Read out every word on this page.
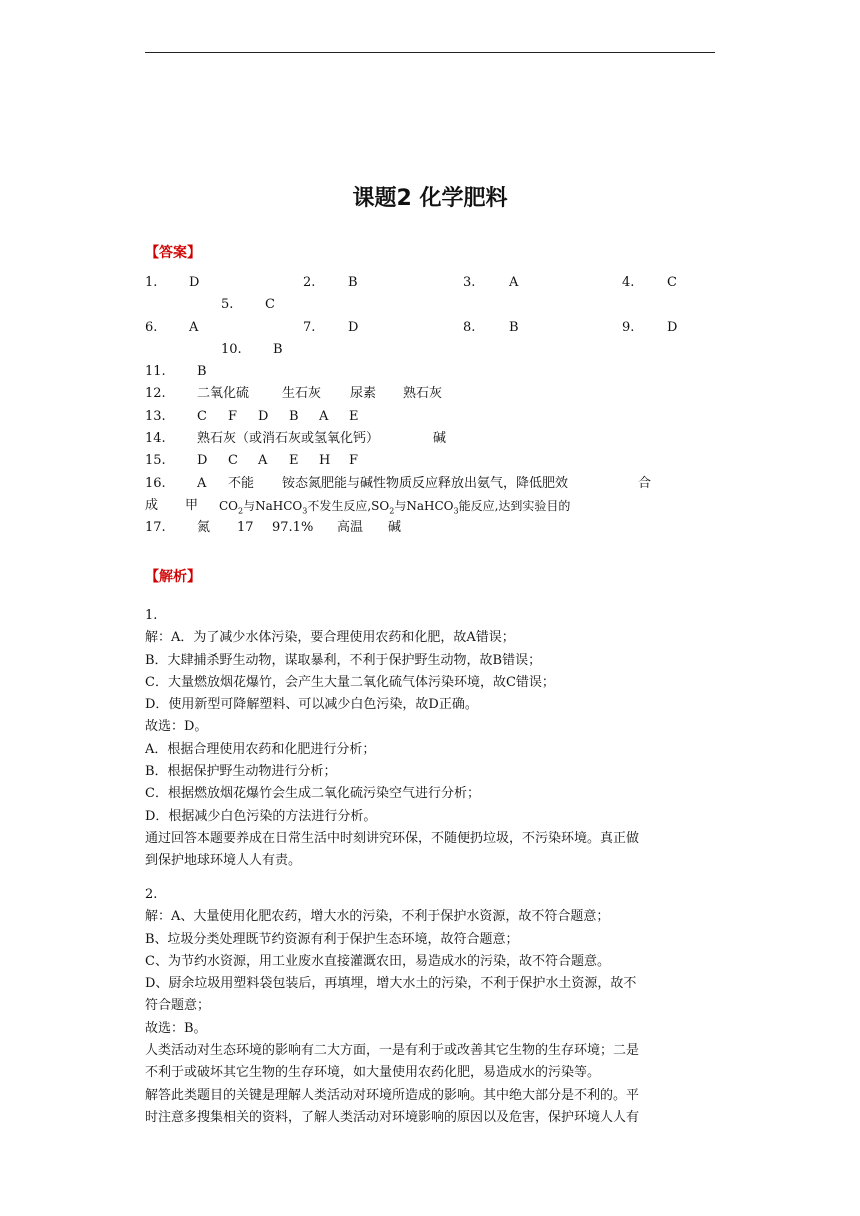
课题2 化学肥料
【答案】
1. D	2.	B	3.	A	4.	C
5. C
6. A	7.	D	8.	B	9.	D
10. B
11. B
12. 二氧化硫	生石灰 尿素 熟石灰
13. C F D B A E
14. 熟石灰（或消石灰或氢氧化钙）	碱
15. D C A E H F
16. A 不能 铵态氮肥能与碱性物质反应释放出氨气，降低肥效	合
成 甲 $CO_2$与NaHCO$_3$不发生反应$,SO_2$与NaHCO$_3$能反应,达到实验目的
17. 氮 17 97.1% 高温 碱
【解析】
1.
解：A．为了减少水体污染，要合理使用农药和化肥，故A错误；
B．大肆捕杀野生动物，谋取暴利，不利于保护野生动物，故B错误；
C．大量燃放烟花爆竹，会产生大量二氧化硫气体污染环境，故C错误；
D．使用新型可降解塑料、可以减少白色污染，故D正确。
故选：D。
A．根据合理使用农药和化肥进行分析；
B．根据保护野生动物进行分析；
C．根据燃放烟花爆竹会生成二氧化硫污染空气进行分析；
D．根据减少白色污染的方法进行分析。
通过回答本题要养成在日常生活中时刻讲究环保，不随便扔垃圾，不污染环境。真正做
到保护地球环境人人有责。
2.
解：A、大量使用化肥农药，增大水的污染，不利于保护水资源，故不符合题意；
B、垃圾分类处理既节约资源有利于保护生态环境，故符合题意；
C、为节约水资源，用工业废水直接灌溉农田，易造成水的污染，故不符合题意。
D、厨余垃圾用塑料袋包装后，再填埋，增大水土的污染，不利于保护水土资源，故不
符合题意；
故选：B。
人类活动对生态环境的影响有二大方面，一是有利于或改善其它生物的生存环境；二是
不利于或破坏其它生物的生存环境，如大量使用农药化肥，易造成水的污染等。
解答此类题目的关键是理解人类活动对环境所造成的影响。其中绝大部分是不利的。平
时注意多搜集相关的资料，了解人类活动对环境影响的原因以及危害，保护环境人人有
